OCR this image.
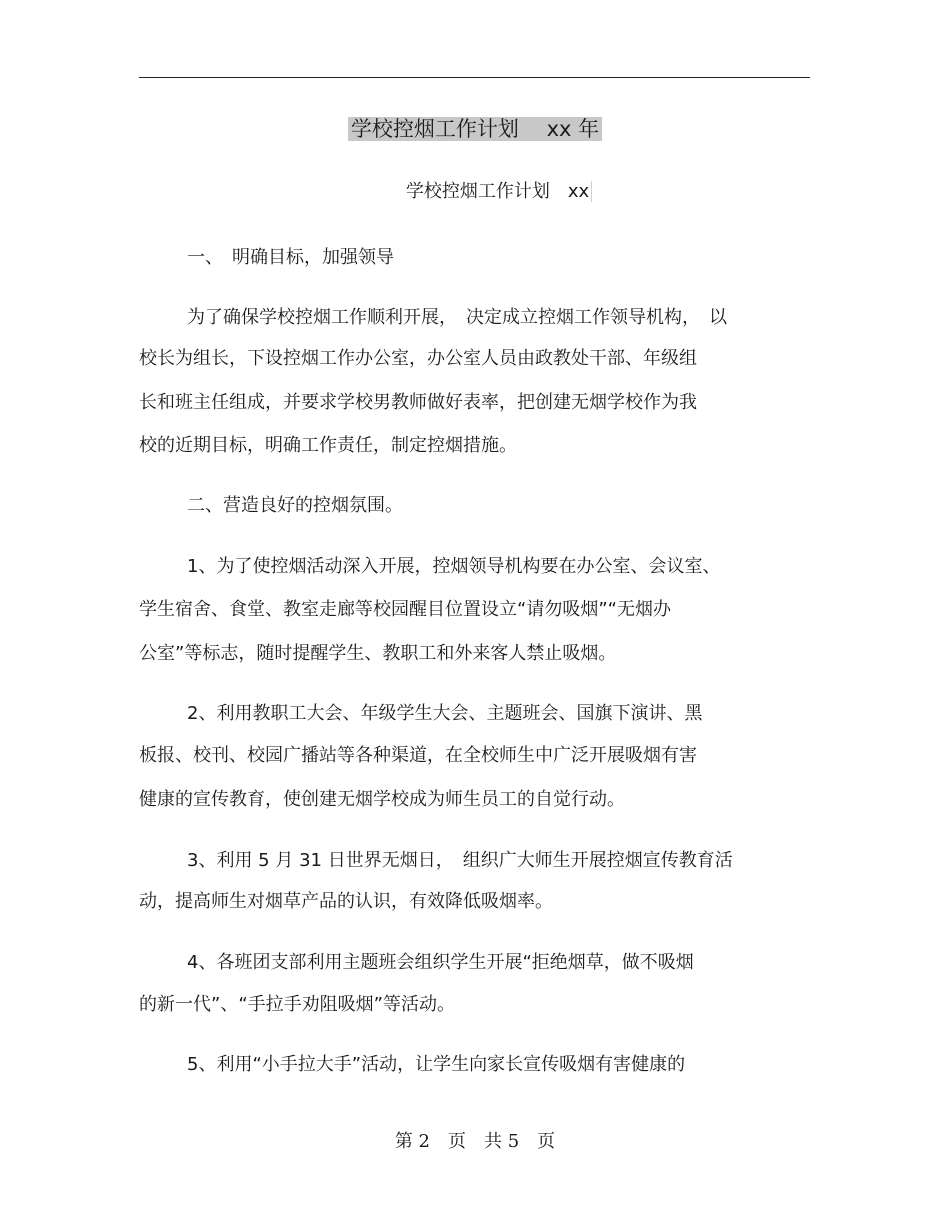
学校控烟工作计划　 xx 年
学校控烟工作计划　xx
一、　明确目标，加强领导
为了确保学校控烟工作顺利开展，　决定成立控烟工作领导机构，　以
校长为组长，下设控烟工作办公室，办公室人员由政教处干部、年级组
长和班主任组成，并要求学校男教师做好表率，把创建无烟学校作为我
校的近期目标，明确工作责任，制定控烟措施。
二、营造良好的控烟氛围。
1、为了使控烟活动深入开展，控烟领导机构要在办公室、会议室、
学生宿舍、食堂、教室走廊等校园醒目位置设立“请勿吸烟”“无烟办
公室”等标志，随时提醒学生、教职工和外来客人禁止吸烟。
2、利用教职工大会、年级学生大会、主题班会、国旗下演讲、黑
板报、校刊、校园广播站等各种渠道，在全校师生中广泛开展吸烟有害
健康的宣传教育，使创建无烟学校成为师生员工的自觉行动。
3、利用 5 月 31 日世界无烟日，　组织广大师生开展控烟宣传教育活
动，提高师生对烟草产品的认识，有效降低吸烟率。
4、各班团支部利用主题班会组织学生开展“拒绝烟草，做不吸烟
的新一代”、“手拉手劝阻吸烟”等活动。
5、利用“小手拉大手”活动，让学生向家长宣传吸烟有害健康的
第 2　页　共 5　页
